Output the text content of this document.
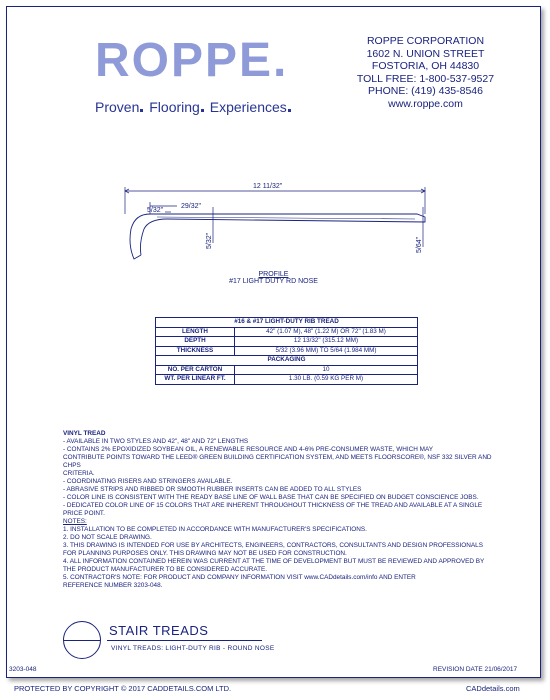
ROPPE.
Proven Flooring Experiences
ROPPE CORPORATION
1602 N. UNION STREET
FOSTORIA, OH 44830
TOLL FREE: 1-800-537-9527
PHONE: (419) 435-8546
www.roppe.com
12 11/32"
29/32"
5/32"
5/32"	5/64"
PROFILE
#17 LIGHT DUTY RD NOSE
#16 & #17 LIGHT-DUTY RIB TREAD	
LENGTH	42" (1.07 M), 48" (1.22 M) OR 72" (1.83 M)
DEPTH	12 13/32" (315.12 MM)
THICKNESS	5/32 (3.96 MM) TO 5/64 (1.984 MM)
PACKAGING	
NO. PER CARTON	10
WT. PER LINEAR FT.	1.30 LB. (0.59 KG PER M)
VINYL TREAD
- AVAILABLE IN TWO STYLES AND 42", 48" AND 72" LENGTHS
- CONTAINS 2% EPOXIDIZED SOYBEAN OIL, A RENEWABLE RESOURCE AND 4-6% PRE-CONSUMER WASTE, WHICH MAY
CONTRIBUTE POINTS TOWARD THE LEED® GREEN BUILDING CERTIFICATION SYSTEM, AND MEETS FLOORSCORE®, NSF 332 SILVER AND CHPS
CRITERIA.
- COORDINATING RISERS AND STRINGERS AVAILABLE.
- ABRASIVE STRIPS AND RIBBED OR SMOOTH RUBBER INSERTS CAN BE ADDED TO ALL STYLES
- COLOR LINE IS CONSISTENT WITH THE READY BASE LINE OF WALL BASE THAT CAN BE SPECIFIED ON BUDGET CONSCIENCE JOBS.
- DEDICATED COLOR LINE OF 15 COLORS THAT ARE INHERENT THROUGHOUT THICKNESS OF THE TREAD AND AVAILABLE AT A SINGLE
PRICE POINT.
NOTES:
1. INSTALLATION TO BE COMPLETED IN ACCORDANCE WITH MANUFACTURER'S SPECIFICATIONS.
2. DO NOT SCALE DRAWING.
3. THIS DRAWING IS INTENDED FOR USE BY ARCHITECTS, ENGINEERS, CONTRACTORS, CONSULTANTS AND DESIGN PROFESSIONALS
FOR PLANNING PURPOSES ONLY. THIS DRAWING MAY NOT BE USED FOR CONSTRUCTION.
4. ALL INFORMATION CONTAINED HEREIN WAS CURRENT AT THE TIME OF DEVELOPMENT BUT MUST BE REVIEWED AND APPROVED BY
THE PRODUCT MANUFACTURER TO BE CONSIDERED ACCURATE.
5. CONTRACTOR'S NOTE: FOR PRODUCT AND COMPANY INFORMATION VISIT www.CADdetails.com/info AND ENTER
REFERENCE NUMBER 3203-048.
STAIR TREADS
VINYL TREADS: LIGHT-DUTY RIB - ROUND NOSE
3203-048	REVISION DATE 21/06/2017
PROTECTED BY COPYRIGHT © 2017 CADDETAILS.COM LTD.	CADdetails.com
